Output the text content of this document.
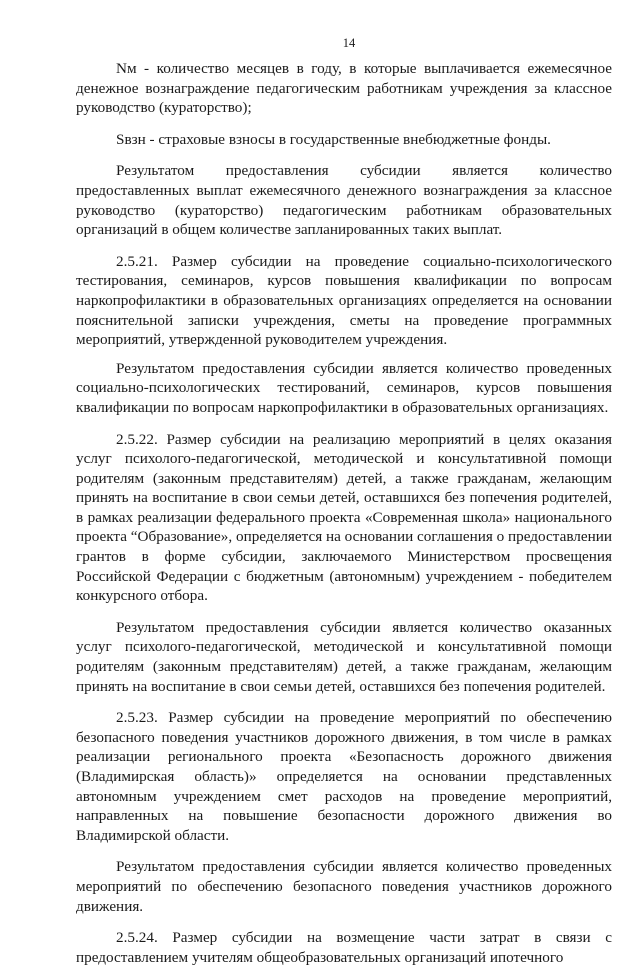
14

Nм - количество месяцев в году, в которые выплачивается ежемесячное денежное вознаграждение педагогическим работникам учреждения за классное руководство (кураторство);

Sвзн - страховые взносы в государственные внебюджетные фонды.

Результатом предоставления субсидии является количество предоставленных выплат ежемесячного денежного вознаграждения за классное руководство (кураторство) педагогическим работникам образовательных организаций в общем количестве запланированных таких выплат.

2.5.21. Размер субсидии на проведение социально-психологического тестирования, семинаров, курсов повышения квалификации по вопросам наркопрофилактики в образовательных организациях определяется на основании пояснительной записки учреждения, сметы на проведение программных мероприятий, утвержденной руководителем учреждения.

Результатом предоставления субсидии является количество проведенных социально-психологических тестирований, семинаров, курсов повышения квалификации по вопросам наркопрофилактики в образовательных организациях.

2.5.22. Размер субсидии на реализацию мероприятий в целях оказания услуг психолого-педагогической, методической и консультативной помощи родителям (законным представителям) детей, а также гражданам, желающим принять на воспитание в свои семьи детей, оставшихся без попечения родителей, в рамках реализации федерального проекта «Современная школа» национального проекта “Образование», определяется на основании соглашения о предоставлении грантов в форме субсидии, заключаемого Министерством просвещения Российской Федерации с бюджетным (автономным) учреждением - победителем конкурсного отбора.

Результатом предоставления субсидии является количество оказанных услуг психолого-педагогической, методической и консультативной помощи родителям (законным представителям) детей, а также гражданам, желающим принять на воспитание в свои семьи детей, оставшихся без попечения родителей.

2.5.23. Размер субсидии на проведение мероприятий по обеспечению безопасного поведения участников дорожного движения, в том числе в рамках реализации регионального проекта «Безопасность дорожного движения (Владимирская область)» определяется на основании представленных автономным учреждением смет расходов на проведение мероприятий, направленных на повышение безопасности дорожного движения во Владимирской области.

Результатом предоставления субсидии является количество проведенных мероприятий по обеспечению безопасного поведения участников дорожного движения.

2.5.24. Размер субсидии на возмещение части затрат в связи с предоставлением учителям общеобразовательных организаций ипотечного
